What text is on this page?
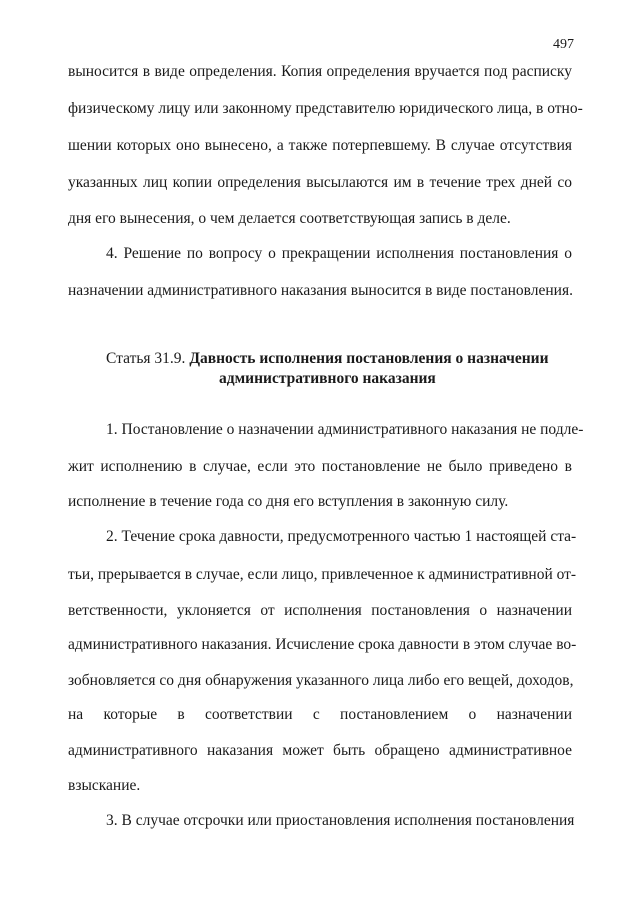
497
выносится в виде определения. Копия определения вручается под расписку
физическому лицу или законному представителю юридического лица, в отно-
шении которых оно вынесено, а также потерпевшему. В случае отсутствия
указанных лиц копии определения высылаются им в течение трех дней со
дня его вынесения, о чем делается соответствующая запись в деле.
4. Решение по вопросу о прекращении исполнения постановления о
назначении административного наказания выносится в виде постановления.
Статья 31.9. Давность исполнения постановления о назначении
административного наказания
1. Постановление о назначении административного наказания не подле-
жит исполнению в случае, если это постановление не было приведено в
исполнение в течение года со дня его вступления в законную силу.
2. Течение срока давности, предусмотренного частью 1 настоящей ста-
тьи, прерывается в случае, если лицо, привлеченное к административной от-
ветственности, уклоняется от исполнения постановления о назначении
административного наказания. Исчисление срока давности в этом случае во-
зобновляется со дня обнаружения указанного лица либо его вещей, доходов,
на которые в соответствии с постановлением о назначении
административного наказания может быть обращено административное
взыскание.
3. В случае отсрочки или приостановления исполнения постановления
